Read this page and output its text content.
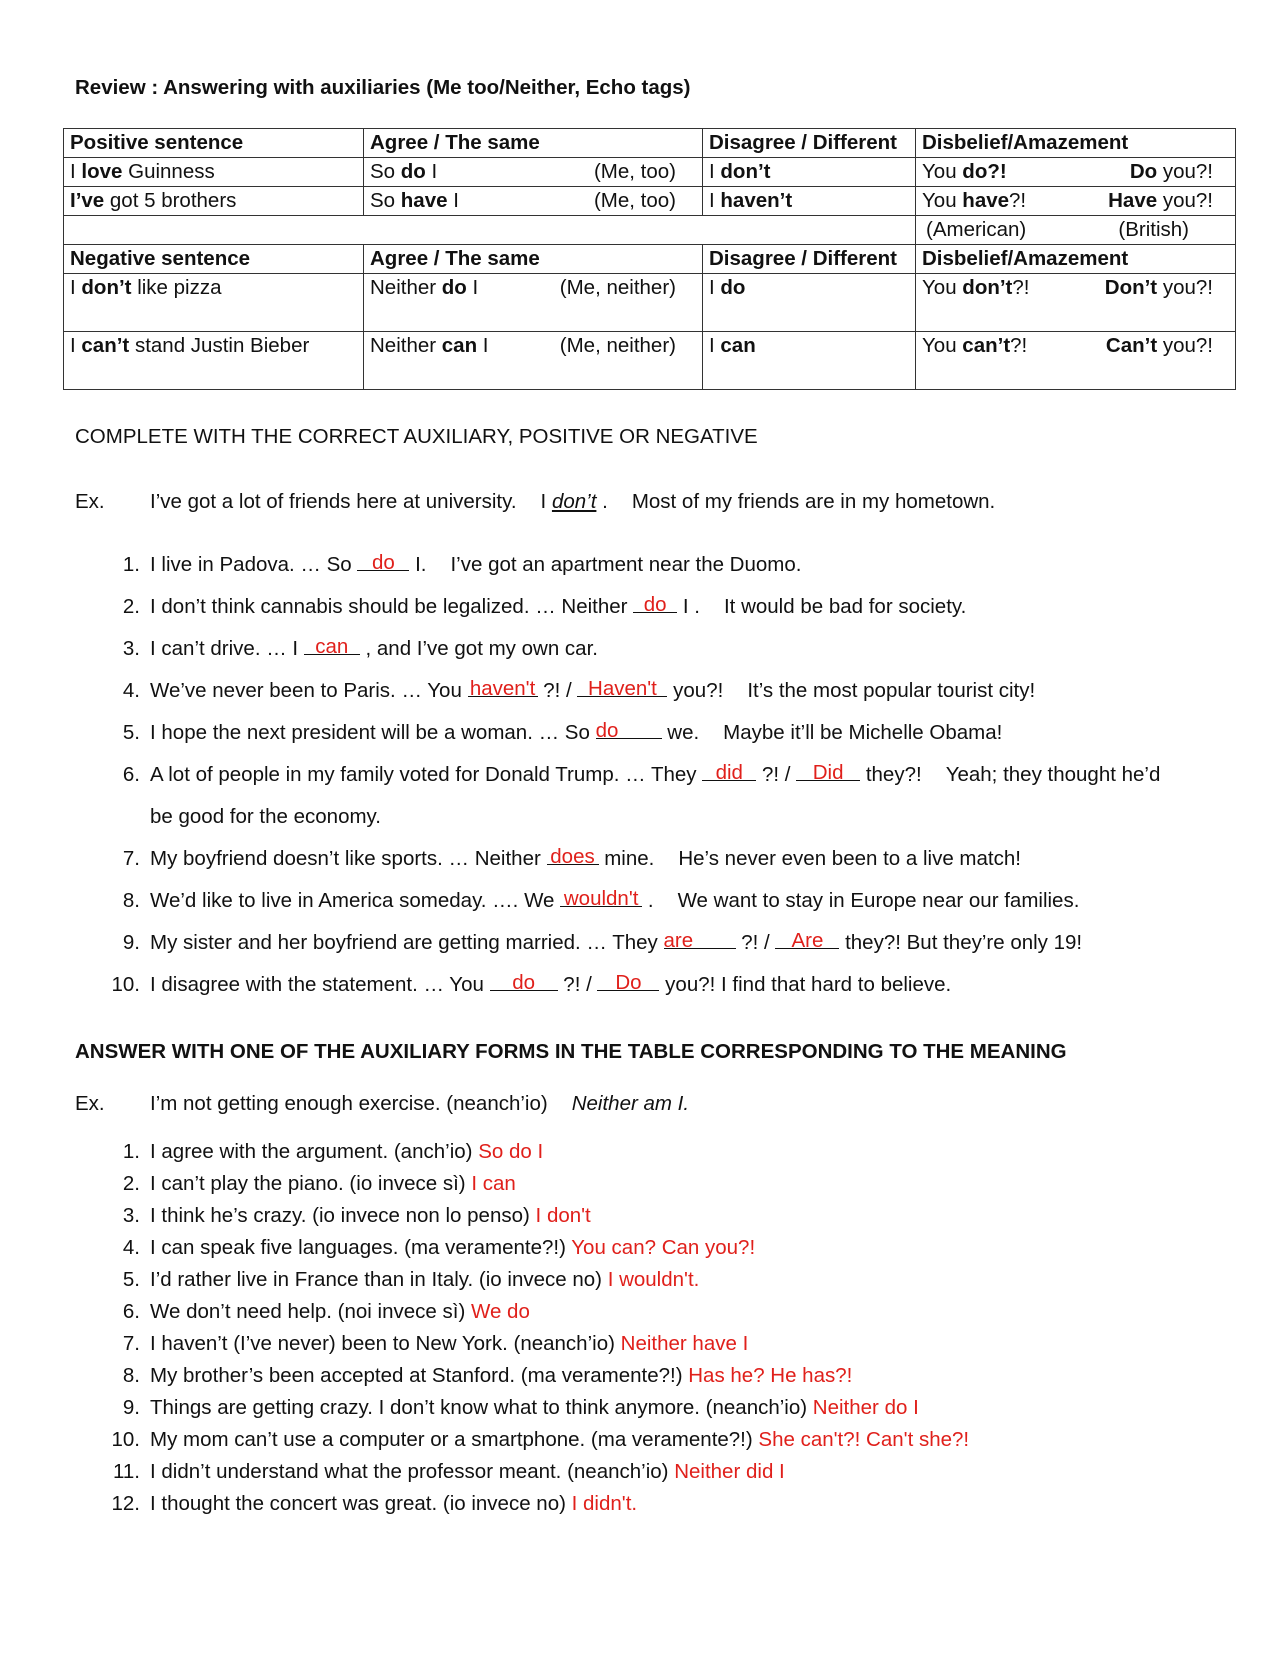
Review : Answering with auxiliaries (Me too/Neither, Echo tags)
Positive sentence	Agree / The same	Disagree / Different	Disbelief/Amazement
I love Guinness	So do I (Me, too)	I don’t	You do?! Do you?!

I’ve got 5 brothers	So have I (Me, too)	I haven’t	You have?! Have you?!

			(American) (British)

Negative sentence	Agree / The same	Disagree / Different	Disbelief/Amazement
I don’t like pizza	Neither do I (Me, neither)	I do	You don’t?! Don’t you?!

I can’t stand Justin Bieber	Neither can I (Me, neither)	I can	You can’t?! Can’t you?!
COMPLETE WITH THE CORRECT AUXILIARY, POSITIVE OR NEGATIVE
Ex. I’ve got a lot of friends here at university. I don’t . Most of my friends are in my hometown.
1. I live in Padova. … So do I. I’ve got an apartment near the Duomo.
2. I don’t think cannabis should be legalized. … Neither do I . It would be bad for society.
3. I can’t drive. … I can , and I’ve got my own car.
4. We’ve never been to Paris. … You haven't ?! / Haven't you?! It’s the most popular tourist city!
5. I hope the next president will be a woman. … So do	we. Maybe it’ll be Michelle Obama!
6. A lot of people in my family voted for Donald Trump. … They did ?! / Did they?! Yeah; they thought he’d
be good for the economy.
7. My boyfriend doesn’t like sports. … Neither does mine. He’s never even been to a live match!
8. We’d like to live in America someday. …. We wouldn't . We want to stay in Europe near our families.
9. My sister and her boyfriend are getting married. … They are	?! / Are they?! But they’re only 19!
10. I disagree with the statement. … You	do	?! / Do you?! I find that hard to believe.
ANSWER WITH ONE OF THE AUXILIARY FORMS IN THE TABLE CORRESPONDING TO THE MEANING
Ex. I’m not getting enough exercise. (neanch’io) Neither am I.
1. I agree with the argument. (anch’io) So do I
2. I can’t play the piano. (io invece sì) I can
3. I think he’s crazy. (io invece non lo penso) I don't
4. I can speak five languages. (ma veramente?!) You can? Can you?!
5. I’d rather live in France than in Italy. (io invece no) I wouldn't.
6. We don’t need help. (noi invece sì) We do
7. I haven’t (I’ve never) been to New York. (neanch’io) Neither have I
8. My brother’s been accepted at Stanford. (ma veramente?!) Has he? He has?!
9. Things are getting crazy. I don’t know what to think anymore. (neanch’io) Neither do I
10. My mom can’t use a computer or a smartphone. (ma veramente?!) She can't?! Can't she?!
11. I didn’t understand what the professor meant. (neanch’io) Neither did I
12. I thought the concert was great. (io invece no) I didn't.
